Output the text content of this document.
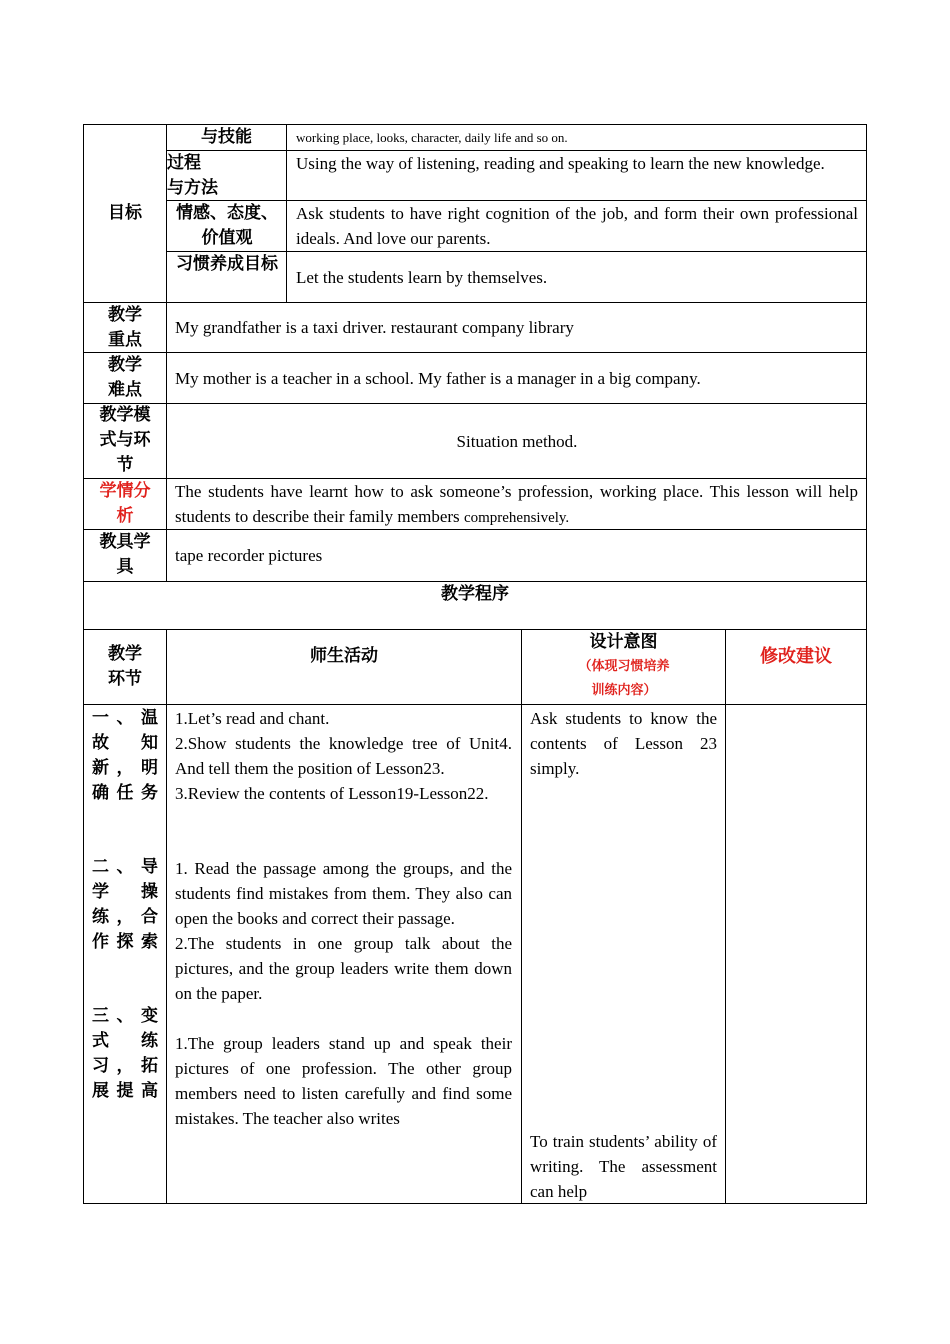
目标
与技能	working place, looks, character, daily life and so on.
过程
与方法
Using the way of listening, reading and speaking to learn the new knowledge.
情感、态度、价值观
Ask students to have right cognition of the job, and form their own professional ideals. And love our parents.
习惯养成目标
Let the students learn by themselves.
教学重点
My grandfather is a taxi driver. restaurant company library
教学难点
My mother is a teacher in a school. My father is a manager in a big company.
教学模式与环节
Situation method.
学情分析
The students have learnt how to ask someone’s profession, working place. This lesson will help students to describe their family members comprehensively.
教具学具
tape recorder pictures
教学程序
教学环节
师生活动
设计意图
（体现习惯培养训练内容）
修改建议
一、温故知新，明确任务
二、导学操练，合作探索
三、变式练习，拓展提高

1.Let’s read and chant.

2.Show students the knowledge tree of Unit4. And tell them the position of Lesson23.

3.Review the contents of Lesson19-Lesson22.

1. Read the passage among the groups, and the students find mistakes from them. They also can open the books and correct their passage.

2.The students in one group talk about the pictures, and the group leaders write them down on the paper.

1.The group leaders stand up and speak their pictures of one profession. The other group members need to listen carefully and find some mistakes. The teacher also writes

Ask students to know the contents of Lesson 23 simply.
To train students’ ability of writing. The assessment can help
